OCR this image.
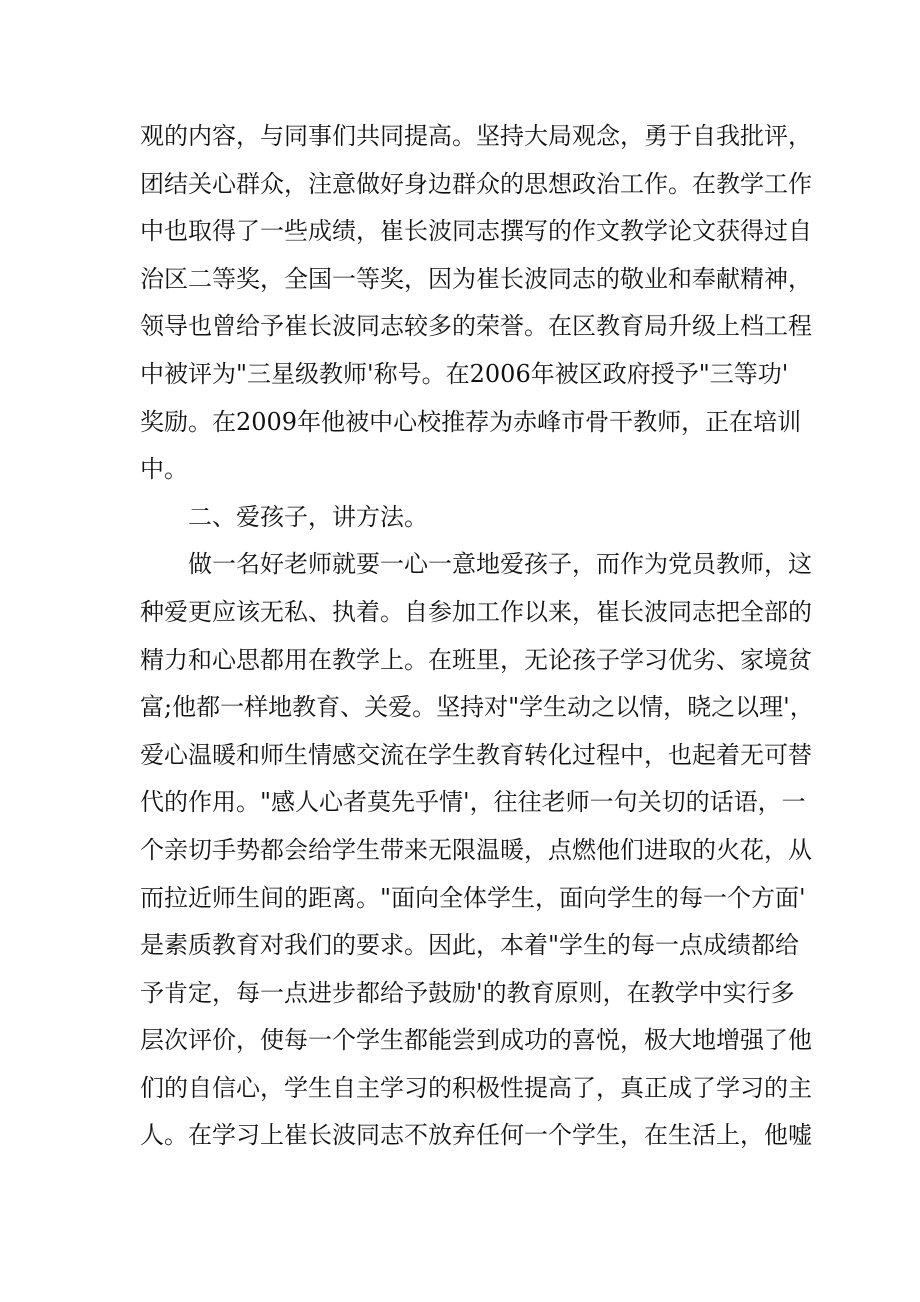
观的内容，与同事们共同提高。坚持大局观念，勇于自我批评，
团结关心群众，注意做好身边群众的思想政治工作。在教学工作
中也取得了一些成绩，崔长波同志撰写的作文教学论文获得过自
治区二等奖，全国一等奖，因为崔长波同志的敬业和奉献精神，
领导也曾给予崔长波同志较多的荣誉。在区教育局升级上档工程
中被评为"三星级教师'称号。在2006年被区政府授予"三等功'
奖励。在2009年他被中心校推荐为赤峰市骨干教师，正在培训
中。
二、爱孩子，讲方法。
做一名好老师就要一心一意地爱孩子，而作为党员教师，这
种爱更应该无私、执着。自参加工作以来，崔长波同志把全部的
精力和心思都用在教学上。在班里，无论孩子学习优劣、家境贫
富;他都一样地教育、关爱。坚持对"学生动之以情，晓之以理'，
爱心温暖和师生情感交流在学生教育转化过程中，也起着无可替
代的作用。"感人心者莫先乎情'，往往老师一句关切的话语，一
个亲切手势都会给学生带来无限温暖，点燃他们进取的火花，从
而拉近师生间的距离。"面向全体学生，面向学生的每一个方面'
是素质教育对我们的要求。因此，本着"学生的每一点成绩都给
予肯定，每一点进步都给予鼓励'的教育原则，在教学中实行多
层次评价，使每一个学生都能尝到成功的喜悦，极大地增强了他
们的自信心，学生自主学习的积极性提高了，真正成了学习的主
人。在学习上崔长波同志不放弃任何一个学生，在生活上，他嘘
